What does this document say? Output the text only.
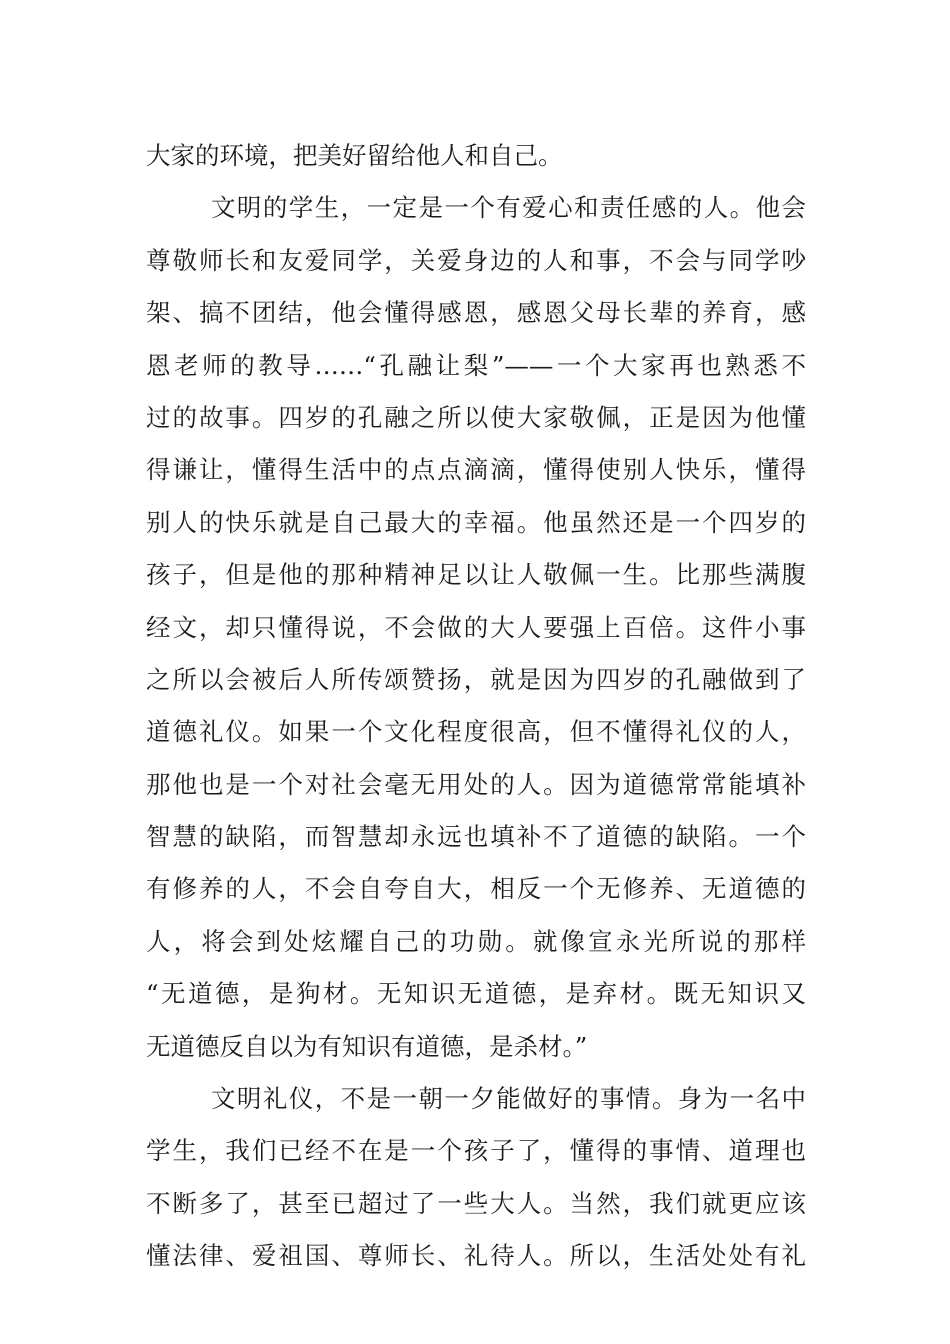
大家的环境，把美好留给他人和自己。
文明的学生，一定是一个有爱心和责任感的人。他会
尊敬师长和友爱同学，关爱身边的人和事，不会与同学吵
架、搞不团结，他会懂得感恩，感恩父母长辈的养育，感
恩老师的教导……“孔融让梨”——一个大家再也熟悉不
过的故事。四岁的孔融之所以使大家敬佩，正是因为他懂
得谦让，懂得生活中的点点滴滴，懂得使别人快乐，懂得
别人的快乐就是自己最大的幸福。他虽然还是一个四岁的
孩子，但是他的那种精神足以让人敬佩一生。比那些满腹
经文，却只懂得说，不会做的大人要强上百倍。这件小事
之所以会被后人所传颂赞扬，就是因为四岁的孔融做到了
道德礼仪。如果一个文化程度很高，但不懂得礼仪的人，
那他也是一个对社会毫无用处的人。因为道德常常能填补
智慧的缺陷，而智慧却永远也填补不了道德的缺陷。一个
有修养的人，不会自夸自大，相反一个无修养、无道德的
人，将会到处炫耀自己的功勋。就像宣永光所说的那样
“无道德，是狗材。无知识无道德，是弃材。既无知识又
无道德反自以为有知识有道德，是杀材。”
文明礼仪，不是一朝一夕能做好的事情。身为一名中
学生，我们已经不在是一个孩子了，懂得的事情、道理也
不断多了，甚至已超过了一些大人。当然，我们就更应该
懂法律、爱祖国、尊师长、礼待人。所以，生活处处有礼
